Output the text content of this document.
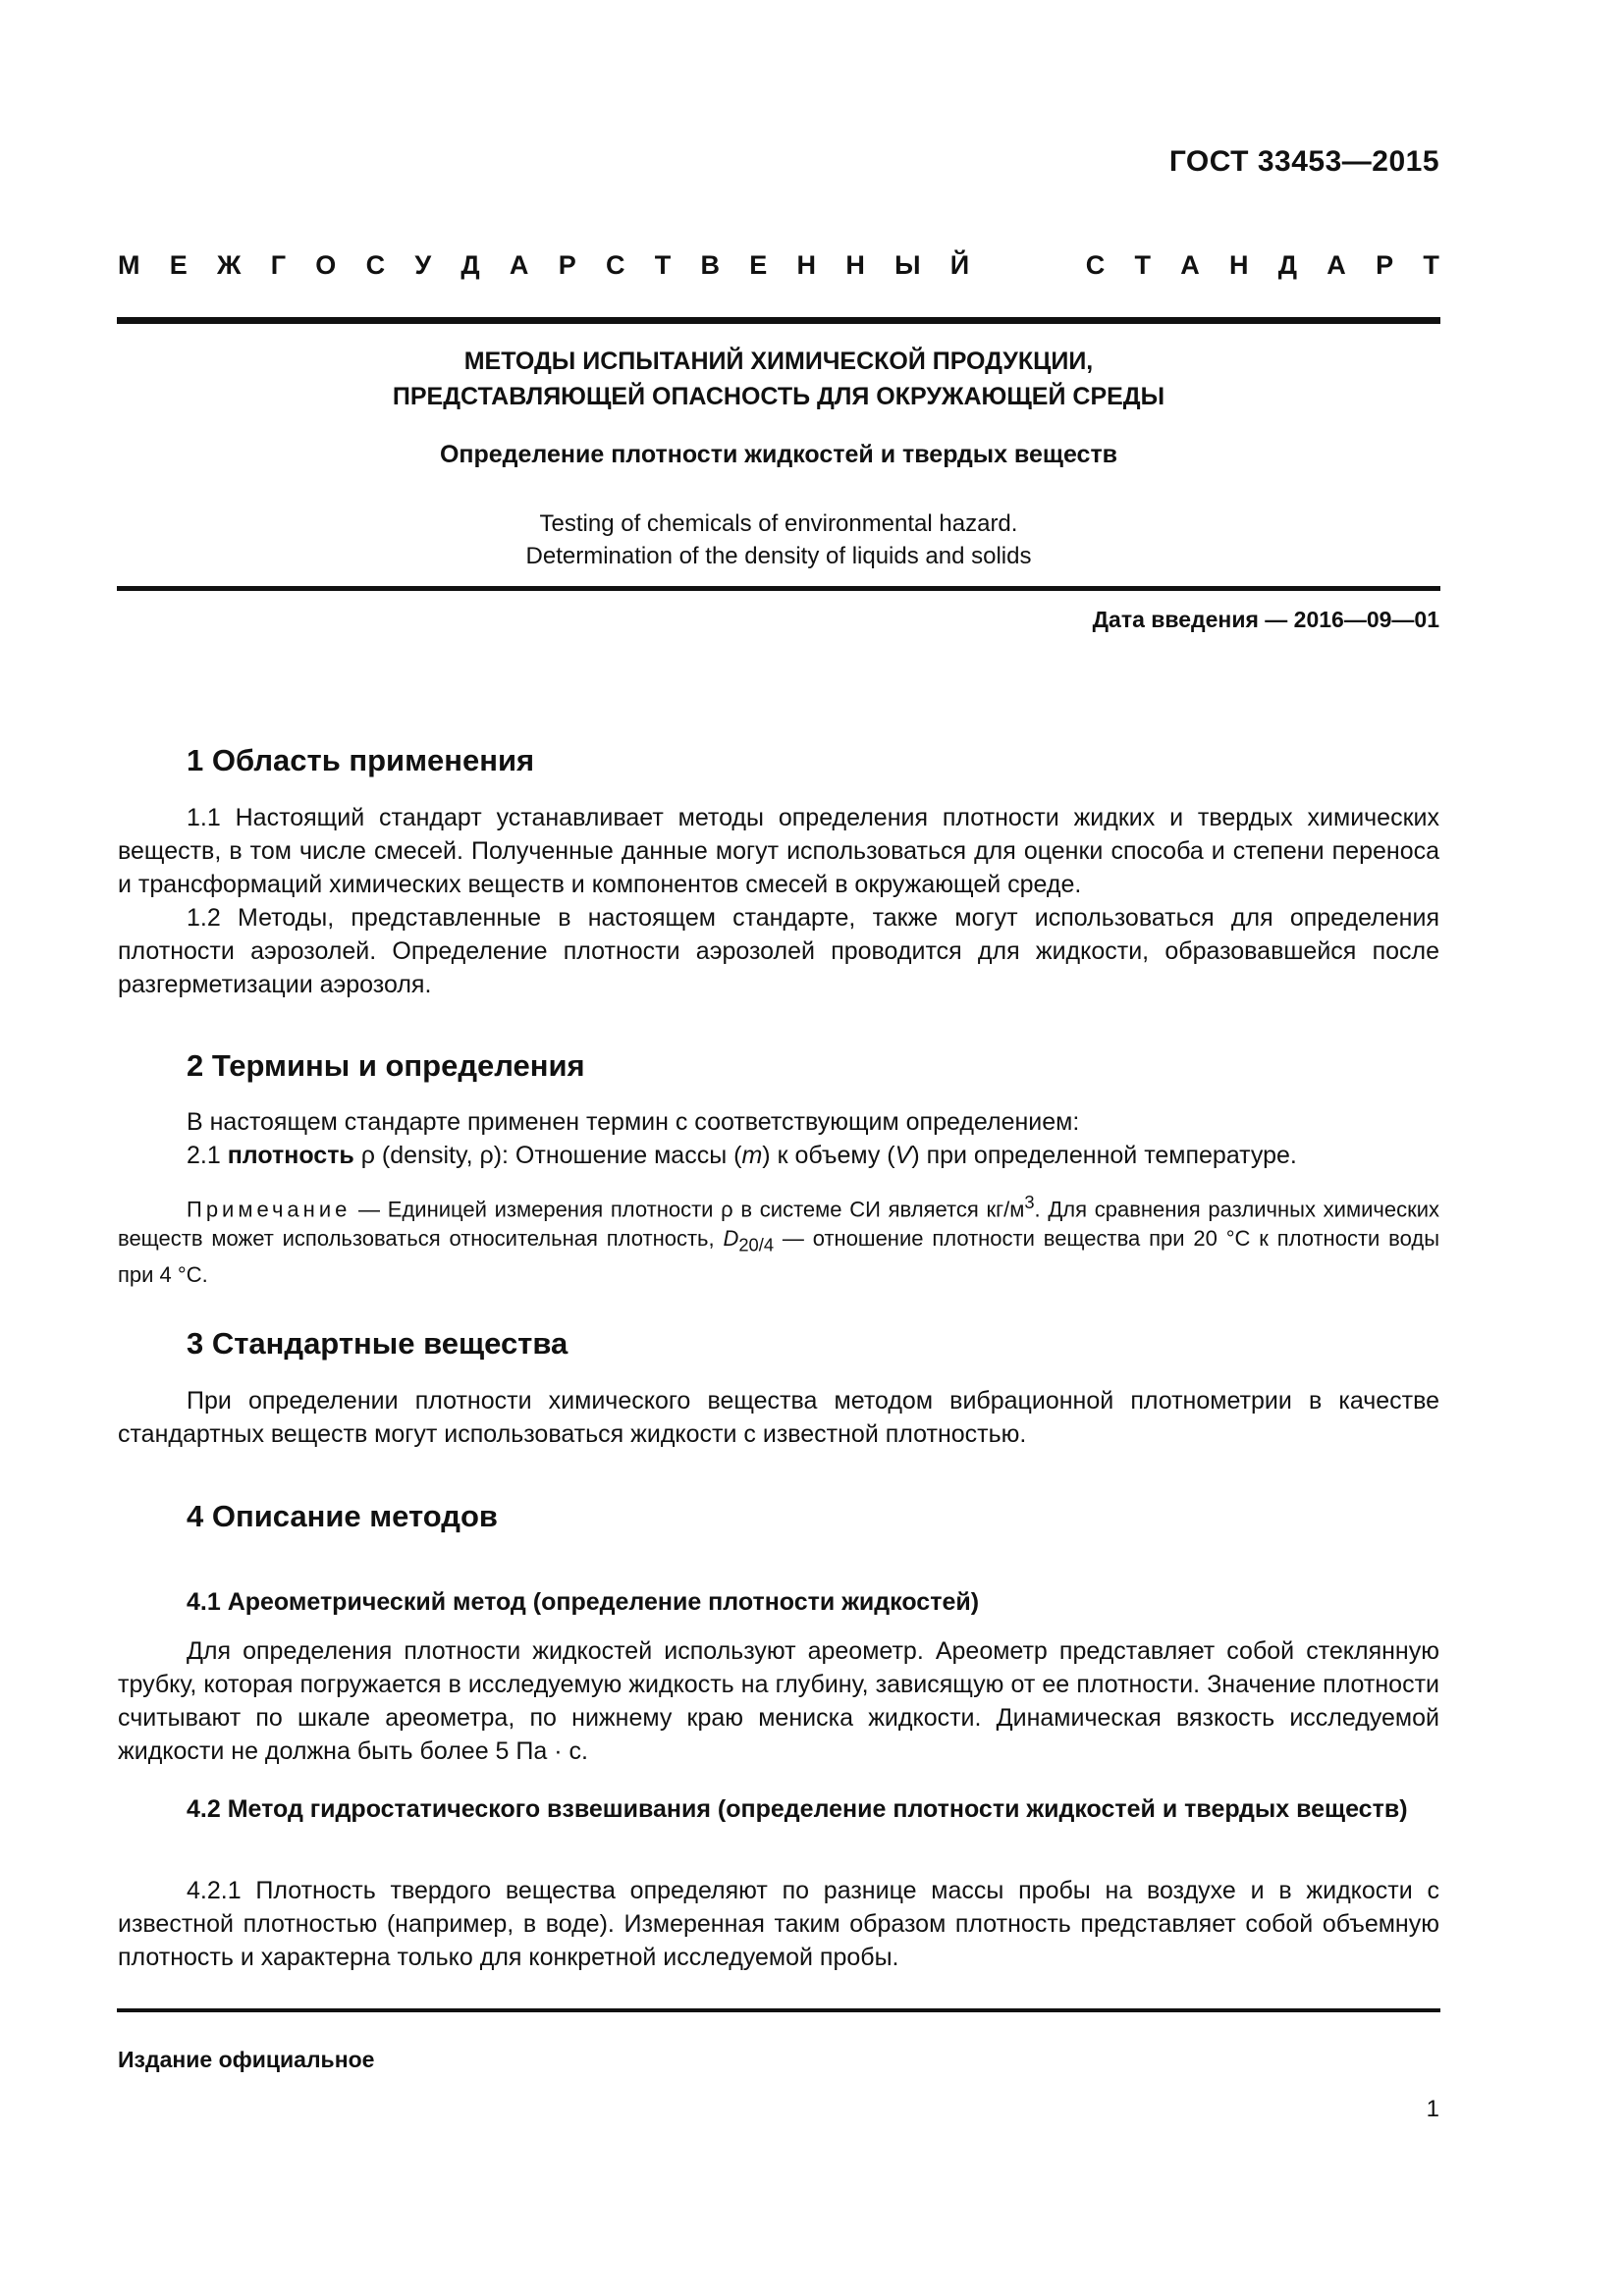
ГОСТ 33453—2015
М Е Ж Г О С У Д А Р С Т В Е Н Н Ы Й	С Т А Н Д А Р Т
МЕТОДЫ ИСПЫТАНИЙ ХИМИЧЕСКОЙ ПРОДУКЦИИ,
ПРЕДСТАВЛЯЮЩЕЙ ОПАСНОСТЬ ДЛЯ ОКРУЖАЮЩЕЙ СРЕДЫ
Определение плотности жидкостей и твердых веществ
Testing of chemicals of environmental hazard.
Determination of the density of liquids and solids
Дата введения — 2016—09—01
1 Область применения

1.1 Настоящий стандарт устанавливает методы определения плотности жидких и твердых химических веществ, в том числе смесей. Полученные данные могут использоваться для оценки способа и степени переноса и трансформаций химических веществ и компонентов смесей в окружающей среде.

1.2 Методы, представленные в настоящем стандарте, также могут использоваться для определения плотности аэрозолей. Определение плотности аэрозолей проводится для жидкости, образовавшейся после разгерметизации аэрозоля.

2 Термины и определения

В настоящем стандарте применен термин с соответствующим определением:

2.1 плотность ρ (density, ρ): Отношение массы (m) к объему (V) при определенной температуре.

Примечание — Единицей измерения плотности ρ в системе СИ является $кг/м^3$. Для сравнения различных химических веществ может использоваться относительная плотность, $D_{20/4}$ — отношение плотности вещества при 20 °С к плотности воды при 4 °С.

3 Стандартные вещества

При определении плотности химического вещества методом вибрационной плотнометрии в качестве стандартных веществ могут использоваться жидкости с известной плотностью.

4 Описание методов
4.1 Ареометрический метод (определение плотности жидкостей)

Для определения плотности жидкостей используют ареометр. Ареометр представляет собой стеклянную трубку, которая погружается в исследуемую жидкость на глубину, зависящую от ее плотности. Значение плотности считывают по шкале ареометра, по нижнему краю мениска жидкости. Динамическая вязкость исследуемой жидкости не должна быть более 5 Па · с.

4.2 Метод гидростатического взвешивания (определение плотности жидкостей и твердых веществ)

4.2.1 Плотность твердого вещества определяют по разнице массы пробы на воздухе и в жидкости с известной плотностью (например, в воде). Измеренная таким образом плотность представляет собой объемную плотность и характерна только для конкретной исследуемой пробы.

Издание официальное
1
